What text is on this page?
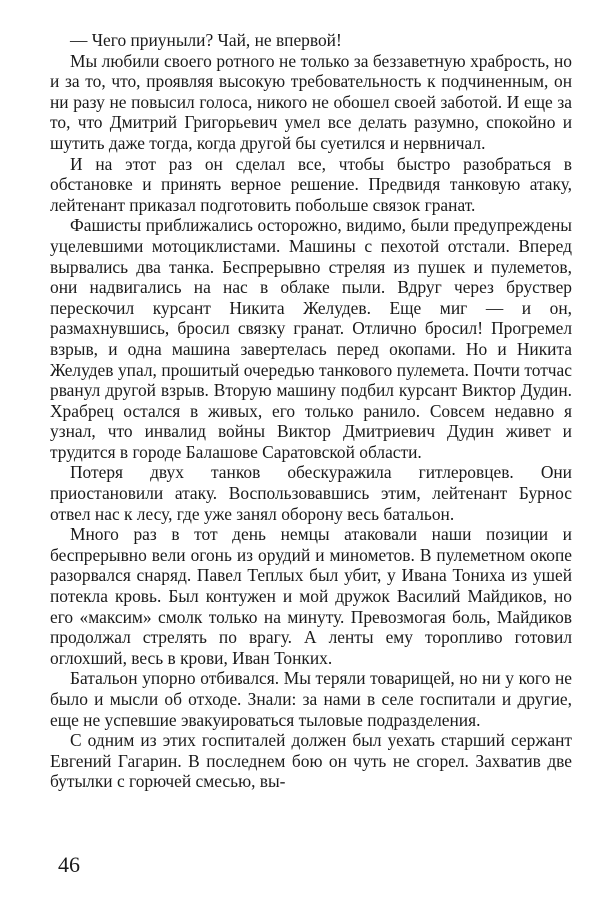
— Чего приуныли? Чай, не впервой!

Мы любили своего ротного не только за беззаветную храбрость, но и за то, что, проявляя высокую требовательность к подчиненным, он ни разу не повысил голоса, никого не обошел своей заботой. И еще за то, что Дмитрий Григорьевич умел все делать разумно, спокойно и шутить даже тогда, когда другой бы суетился и нервничал.

И на этот раз он сделал все, чтобы быстро разобраться в обстановке и принять верное решение. Предвидя танковую атаку, лейтенант приказал подготовить побольше связок гранат.

Фашисты приближались осторожно, видимо, были предупреждены уцелевшими мотоциклистами. Машины с пехотой отстали. Вперед вырвались два танка. Беспрерывно стреляя из пушек и пулеметов, они надвигались на нас в облаке пыли. Вдруг через бруствер перескочил курсант Никита Желудев. Еще миг — и он, размахнувшись, бросил связку гранат. Отлично бросил! Прогремел взрыв, и одна машина завертелась перед окопами. Но и Никита Желудев упал, прошитый очередью танкового пулемета. Почти тотчас рванул другой взрыв. Вторую машину подбил курсант Виктор Дудин. Храбрец остался в живых, его только ранило. Совсем недавно я узнал, что инвалид войны Виктор Дмитриевич Дудин живет и трудится в городе Балашове Саратовской области.

Потеря двух танков обескуражила гитлеровцев. Они приостановили атаку. Воспользовавшись этим, лейтенант Бурнос отвел нас к лесу, где уже занял оборону весь батальон.

Много раз в тот день немцы атаковали наши позиции и беспрерывно вели огонь из орудий и минометов. В пулеметном окопе разорвался снаряд. Павел Теплых был убит, у Ивана Тониха из ушей потекла кровь. Был контужен и мой дружок Василий Майдиков, но его «максим» смолк только на минуту. Превозмогая боль, Майдиков продолжал стрелять по врагу. А ленты ему торопливо готовил оглохший, весь в крови, Иван Тонких.

Батальон упорно отбивался. Мы теряли товарищей, но ни у кого не было и мысли об отходе. Знали: за нами в селе госпитали и другие, еще не успевшие эвакуироваться тыловые подразделения.

С одним из этих госпиталей должен был уехать старший сержант Евгений Гагарин. В последнем бою он чуть не сгорел. Захватив две бутылки с горючей смесью, вы-

46
